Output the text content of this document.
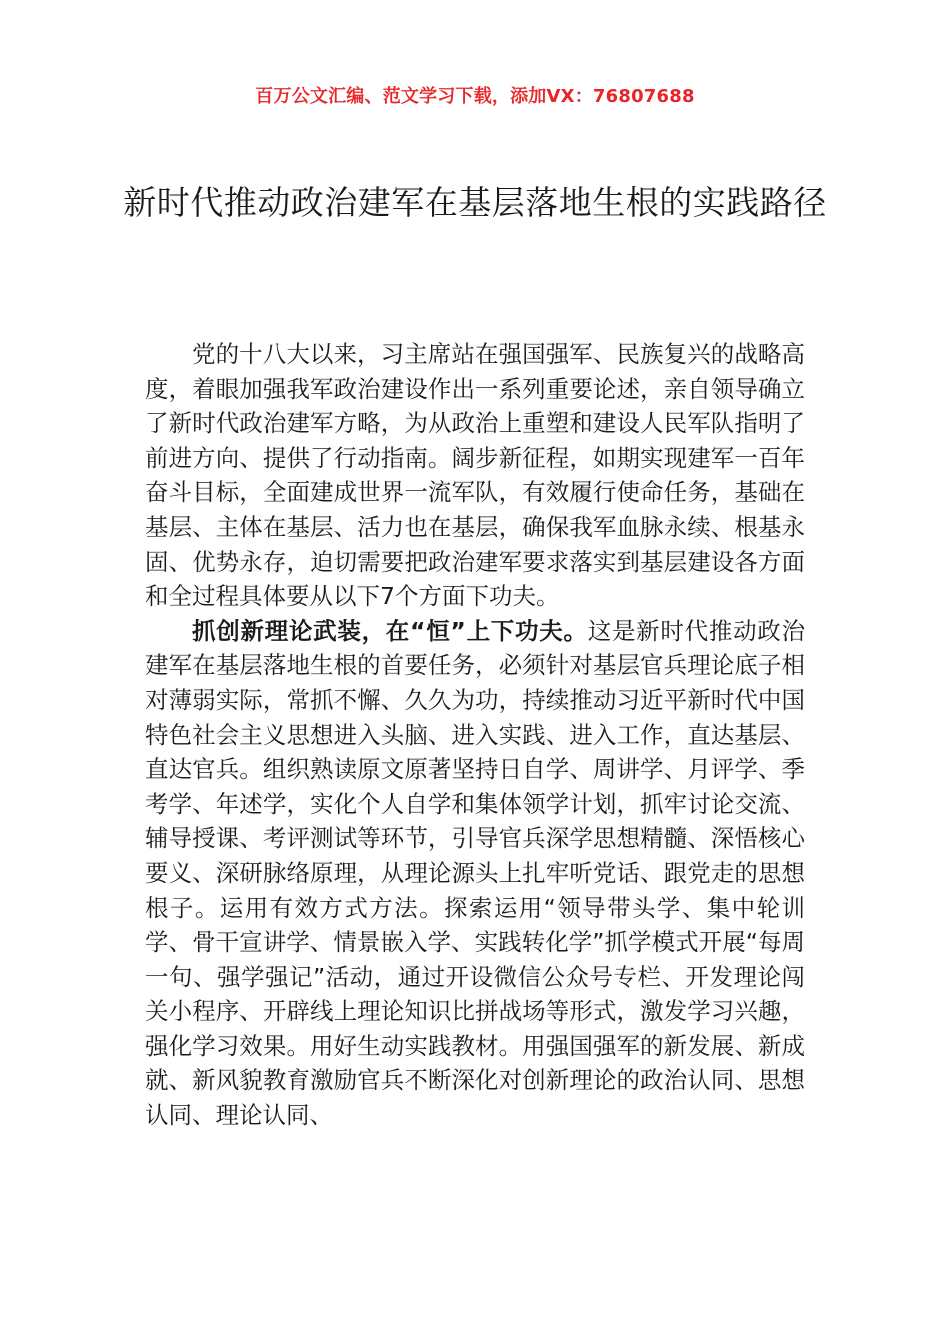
百万公文汇编、范文学习下载，添加VX：76807688
新时代推动政治建军在基层落地生根的实践路径

党的十八大以来，习主席站在强国强军、民族复兴的战略高度，着眼加强我军政治建设作出一系列重要论述，亲自领导确立了新时代政治建军方略，为从政治上重塑和建设人民军队指明了前进方向、提供了行动指南。阔步新征程，如期实现建军一百年奋斗目标，全面建成世界一流军队，有效履行使命任务，基础在基层、主体在基层、活力也在基层，确保我军血脉永续、根基永固、优势永存，迫切需要把政治建军要求落实到基层建设各方面和全过程具体要从以下7个方面下功夫。

抓创新理论武装，在“恒”上下功夫。这是新时代推动政治建军在基层落地生根的首要任务，必须针对基层官兵理论底子相对薄弱实际，常抓不懈、久久为功，持续推动习近平新时代中国特色社会主义思想进入头脑、进入实践、进入工作，直达基层、直达官兵。组织熟读原文原著坚持日自学、周讲学、月评学、季考学、年述学，实化个人自学和集体领学计划，抓牢讨论交流、辅导授课、考评测试等环节，引导官兵深学思想精髓、深悟核心要义、深研脉络原理，从理论源头上扎牢听党话、跟党走的思想根子。运用有效方式方法。探索运用“领导带头学、集中轮训学、骨干宣讲学、情景嵌入学、实践转化学”抓学模式开展“每周一句、强学强记”活动，通过开设微信公众号专栏、开发理论闯关小程序、开辟线上理论知识比拼战场等形式，激发学习兴趣，强化学习效果。用好生动实践教材。用强国强军的新发展、新成就、新风貌教育激励官兵不断深化对创新理论的政治认同、思想认同、理论认同、
